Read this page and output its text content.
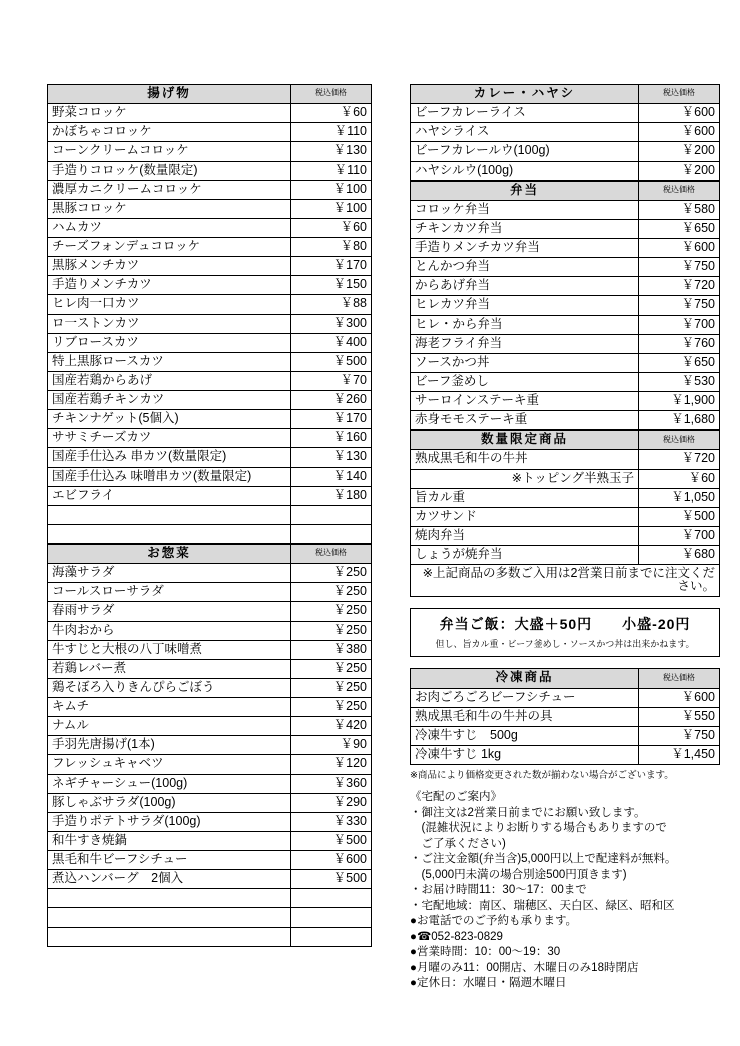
揚げ物	税込価格
野菜コロッケ	￥60
かぼちゃコロッケ	￥110
コーンクリームコロッケ	￥130
手造りコロッケ(数量限定)	￥110
濃厚カニクリームコロッケ	￥100
黒豚コロッケ	￥100
ハムカツ	￥60
チーズフォンデュコロッケ	￥80
黒豚メンチカツ	￥170
手造りメンチカツ	￥150
ヒレ肉一口カツ	￥88
ロ一ストンカツ	￥300
リブロースカツ	￥400
特上黒豚ロースカツ	￥500
国産若鶏からあげ	￥70
国産若鶏チキンカツ	￥260
チキンナゲット(5個入)	￥170
ササミチーズカツ	￥160
国産手仕込み 串カツ(数量限定)	￥130
国産手仕込み 味噌串カツ(数量限定)	￥140
エビフライ	￥180

お惣菜	税込価格
海藻サラダ	￥250
コールスローサラダ	￥250
春雨サラダ	￥250
牛肉おから	￥250
牛すじと大根の八丁味噌煮	￥380
若鶏レバー煮	￥250
鶏そぼろ入りきんぴらごぼう	￥250
キムチ	￥250
ナムル	￥420
手羽先唐揚げ(1本)	￥90
フレッシュキャベツ	￥120
ネギチャーシュー(100g)	￥360
豚しゃぶサラダ(100g)	￥290
手造りポテトサラダ(100g)	￥330
和牛すき焼鍋	￥500
黒毛和牛ビーフシチュー	￥600
煮込ハンバーグ　2個入	￥500

カレー・ハヤシ	税込価格
ビーフカレーライス	￥600
ハヤシライス	￥600
ビーフカレールウ(100g)	￥200
ハヤシルウ(100g)	￥200
弁当	税込価格
コロッケ弁当	￥580
チキンカツ弁当	￥650
手造りメンチカツ弁当	￥600
とんかつ弁当	￥750
からあげ弁当	￥720
ヒレカツ弁当	￥750
ヒレ・から弁当	￥700
海老フライ弁当	￥760
ソースかつ丼	￥650
ビーフ釜めし	￥530
サーロインステーキ重	￥1,900
赤身モモステーキ重	￥1,680
数量限定商品	税込価格
熟成黒毛和牛の牛丼	￥720
※トッピング半熟玉子	￥60
旨カル重	￥1,050
カツサンド	￥500
焼肉弁当	￥700
しょうが焼弁当	￥680
※上記商品の多数ご入用は2営業日前までに注文ください。	
弁当ご飯：大盛＋50円　　小盛-20円
但し、旨カル重・ビーフ釜めし・ソースかつ丼は出来かねます。
冷凍商品	税込価格
お肉ごろごろビーフシチュー	￥600
熟成黒毛和牛の牛丼の具	￥550
冷凍牛すじ　500g	￥750
冷凍牛すじ 1kg	￥1,450
※商品により価格変更された数が揃わない場合がございます。
《宅配のご案内》
・御注文は2営業日前までにお願い致します。
　(混雑状況によりお断りする場合もありますので
　ご了承ください)
・ご注文金額(弁当含)5,000円以上で配達料が無料。
　(5,000円未満の場合別途500円頂きます)
・お届け時間11：30〜17：00まで
・宅配地域：南区、瑞穂区、天白区、緑区、昭和区
●お電話でのご予約も承ります。
●☎052-823-0829
●営業時間：10：00〜19：30
●月曜のみ11：00開店、木曜日のみ18時閉店
●定休日：水曜日・隔週木曜日
